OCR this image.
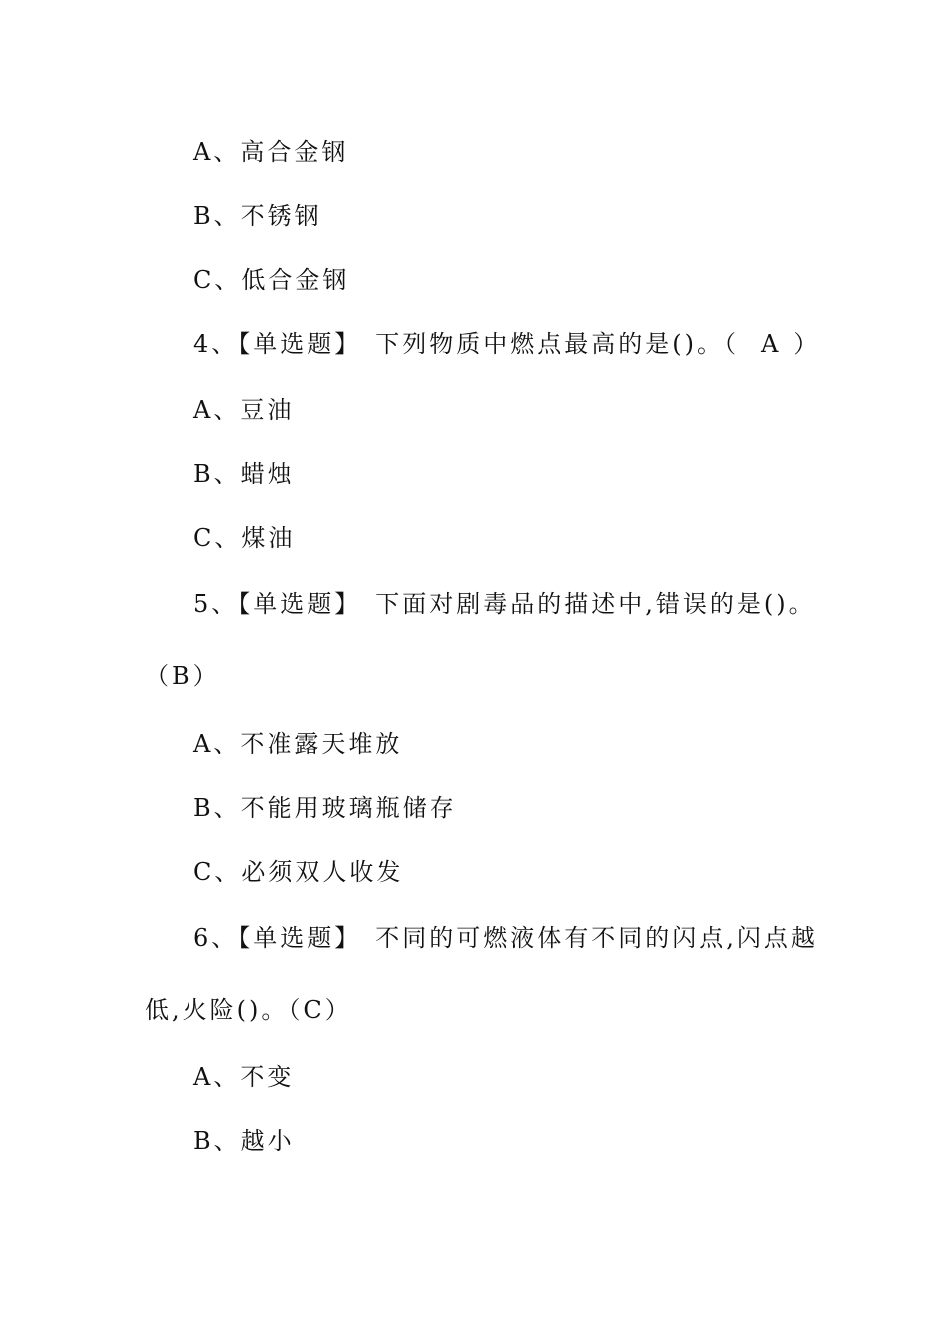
A、高合金钢
B、不锈钢
C、低合金钢
4、【单选题】 下列物质中燃点最高的是()。（ A ）
A、豆油
B、蜡烛
C、煤油
5、【单选题】 下面对剧毒品的描述中,错误的是()。
（B）
A、不准露天堆放
B、不能用玻璃瓶储存
C、必须双人收发
6、【单选题】 不同的可燃液体有不同的闪点,闪点越
低,火险()。（C）
A、不变
B、越小
